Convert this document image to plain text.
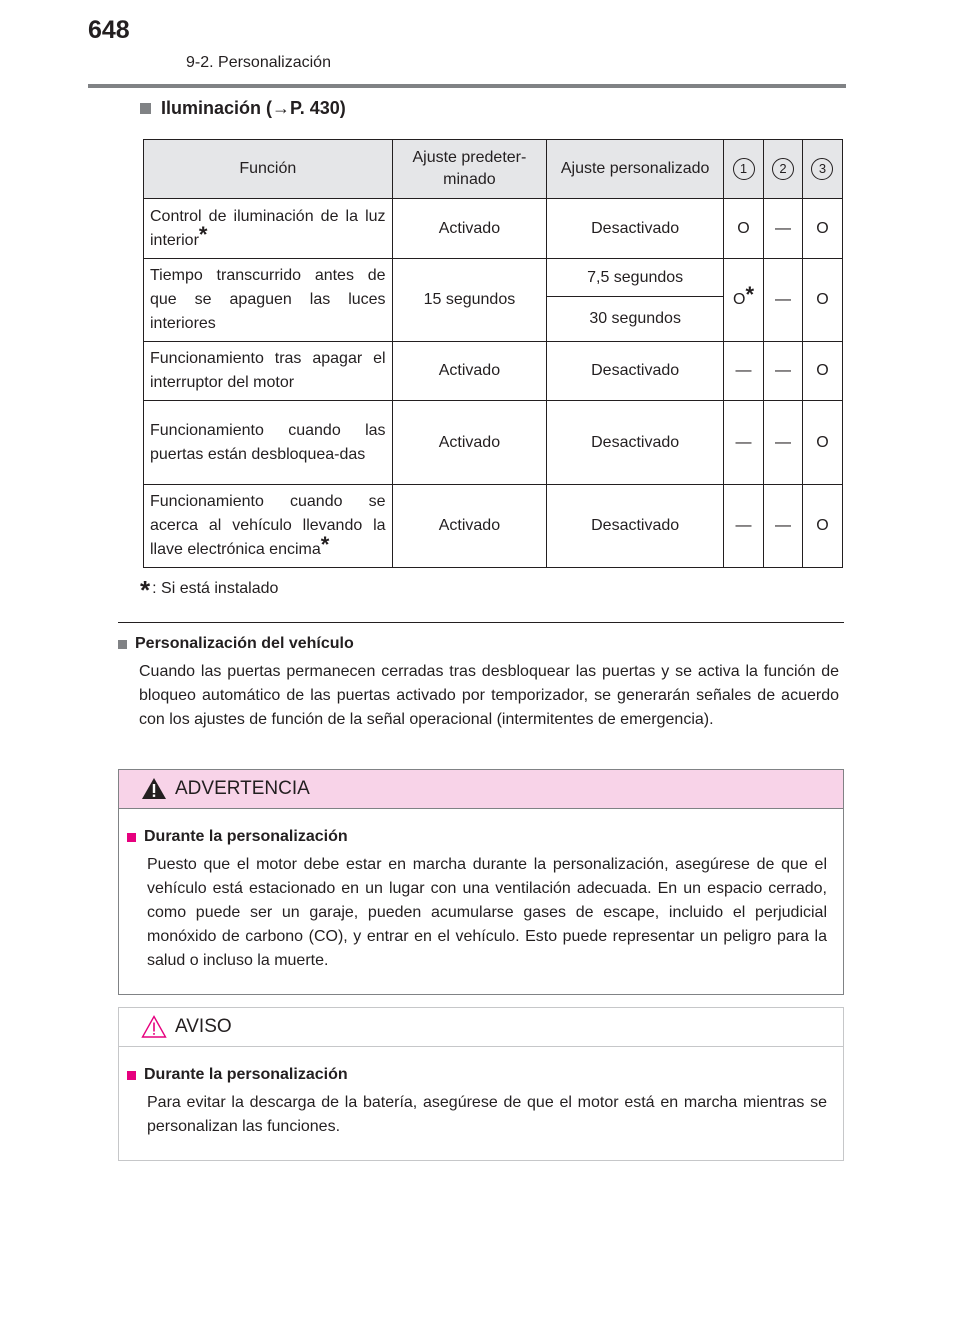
648
9-2. Personalización
Iluminación (→P. 430)
Función	Ajuste predeter-minado	Ajuste personalizado	1	2	3
Control de iluminación de la luz interior*	Activado	Desactivado	O	—	O
Tiempo transcurrido antes de que se apaguen las luces interiores	15 segundos	7,5 segundos	O*	—	O
		30 segundos			
Funcionamiento tras apagar el interruptor del motor	Activado	Desactivado	—	—	O
Funcionamiento cuando las puertas están desbloquea-das	Activado	Desactivado	—	—	O
Funcionamiento cuando se acerca al vehículo llevando la llave electrónica encima*	Activado	Desactivado	—	—	O
* : Si está instalado
Personalización del vehículo
Cuando las puertas permanecen cerradas tras desbloquear las puertas y se activa la función de bloqueo automático de las puertas activado por temporizador, se generarán señales de acuerdo con los ajustes de función de la señal operacional (intermitentes de emergencia).
ADVERTENCIA
Durante la personalización
Puesto que el motor debe estar en marcha durante la personalización, asegúrese de que el vehículo está estacionado en un lugar con una ventilación adecuada. En un espacio cerrado, como puede ser un garaje, pueden acumularse gases de escape, incluido el perjudicial monóxido de carbono (CO), y entrar en el vehículo. Esto puede representar un peligro para la salud o incluso la muerte.
AVISO
Durante la personalización
Para evitar la descarga de la batería, asegúrese de que el motor está en marcha mientras se personalizan las funciones.
